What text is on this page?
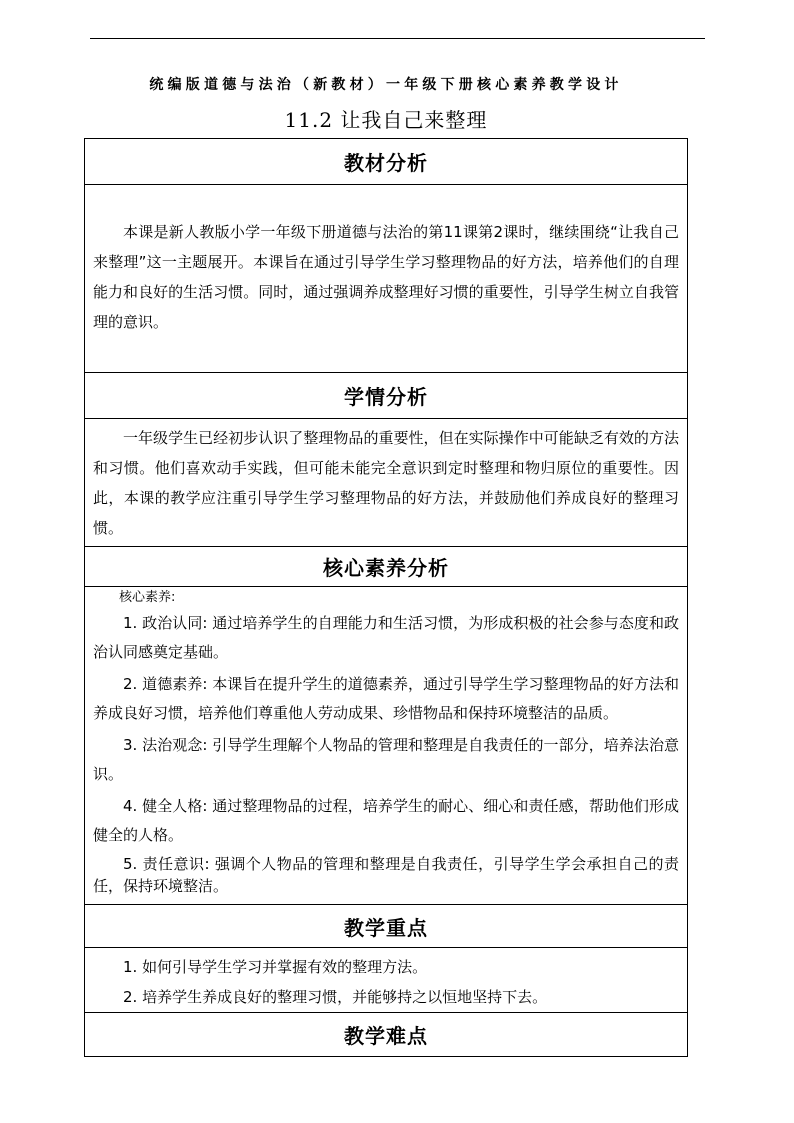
统编版道德与法治（新教材）一年级下册核心素养教学设计
11.2 让我自己来整理
教材分析

本课是新人教版小学一年级下册道德与法治的第11课第2课时，继续围绕“让我自己来整理”这一主题展开。本课旨在通过引导学生学习整理物品的好方法，培养他们的自理能力和良好的生活习惯。同时，通过强调养成整理好习惯的重要性，引导学生树立自我管理的意识。

学情分析

一年级学生已经初步认识了整理物品的重要性，但在实际操作中可能缺乏有效的方法和习惯。他们喜欢动手实践，但可能未能完全意识到定时整理和物归原位的重要性。因此，本课的教学应注重引导学生学习整理物品的好方法，并鼓励他们养成良好的整理习惯。

核心素养分析

核心素养:

1. 政治认同: 通过培养学生的自理能力和生活习惯，为形成积极的社会参与态度和政治认同感奠定基础。

2. 道德素养: 本课旨在提升学生的道德素养，通过引导学生学习整理物品的好方法和养成良好习惯，培养他们尊重他人劳动成果、珍惜物品和保持环境整洁的品质。

3. 法治观念: 引导学生理解个人物品的管理和整理是自我责任的一部分，培养法治意识。

4. 健全人格: 通过整理物品的过程，培养学生的耐心、细心和责任感，帮助他们形成健全的人格。

5. 责任意识: 强调个人物品的管理和整理是自我责任，引导学生学会承担自己的责任，保持环境整洁。

教学重点

1. 如何引导学生学习并掌握有效的整理方法。

2. 培养学生养成良好的整理习惯，并能够持之以恒地坚持下去。

教学难点
